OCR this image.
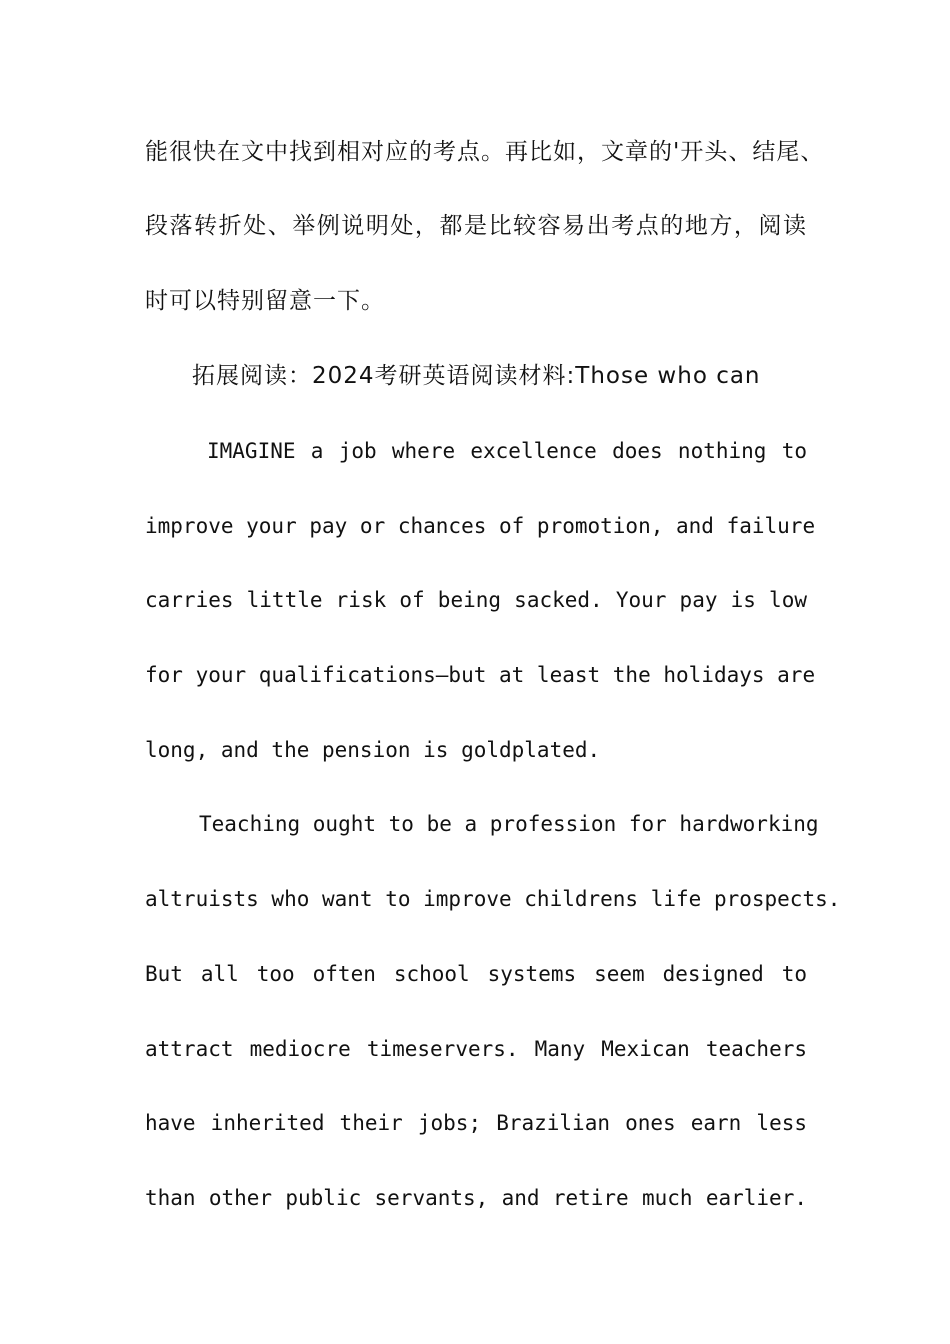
能很快在文中找到相对应的考点。再比如，文章的'开头、结尾、
段落转折处、举例说明处，都是比较容易出考点的地方，阅读
时可以特别留意一下。
拓展阅读：2024考研英语阅读材料:Those who can
IMAGINE a job where excellence does nothing to
improve your pay or chances of promotion, and failure
carries little risk of being sacked. Your pay is low
for your qualifications—but at least the holidays are
long, and the pension is goldplated.
Teaching ought to be a profession for hardworking
altruists who want to improve childrens life prospects.
But all too often school systems seem designed to
attract mediocre timeservers. Many Mexican teachers
have inherited their jobs; Brazilian ones earn less
than other public servants, and retire much earlier.
